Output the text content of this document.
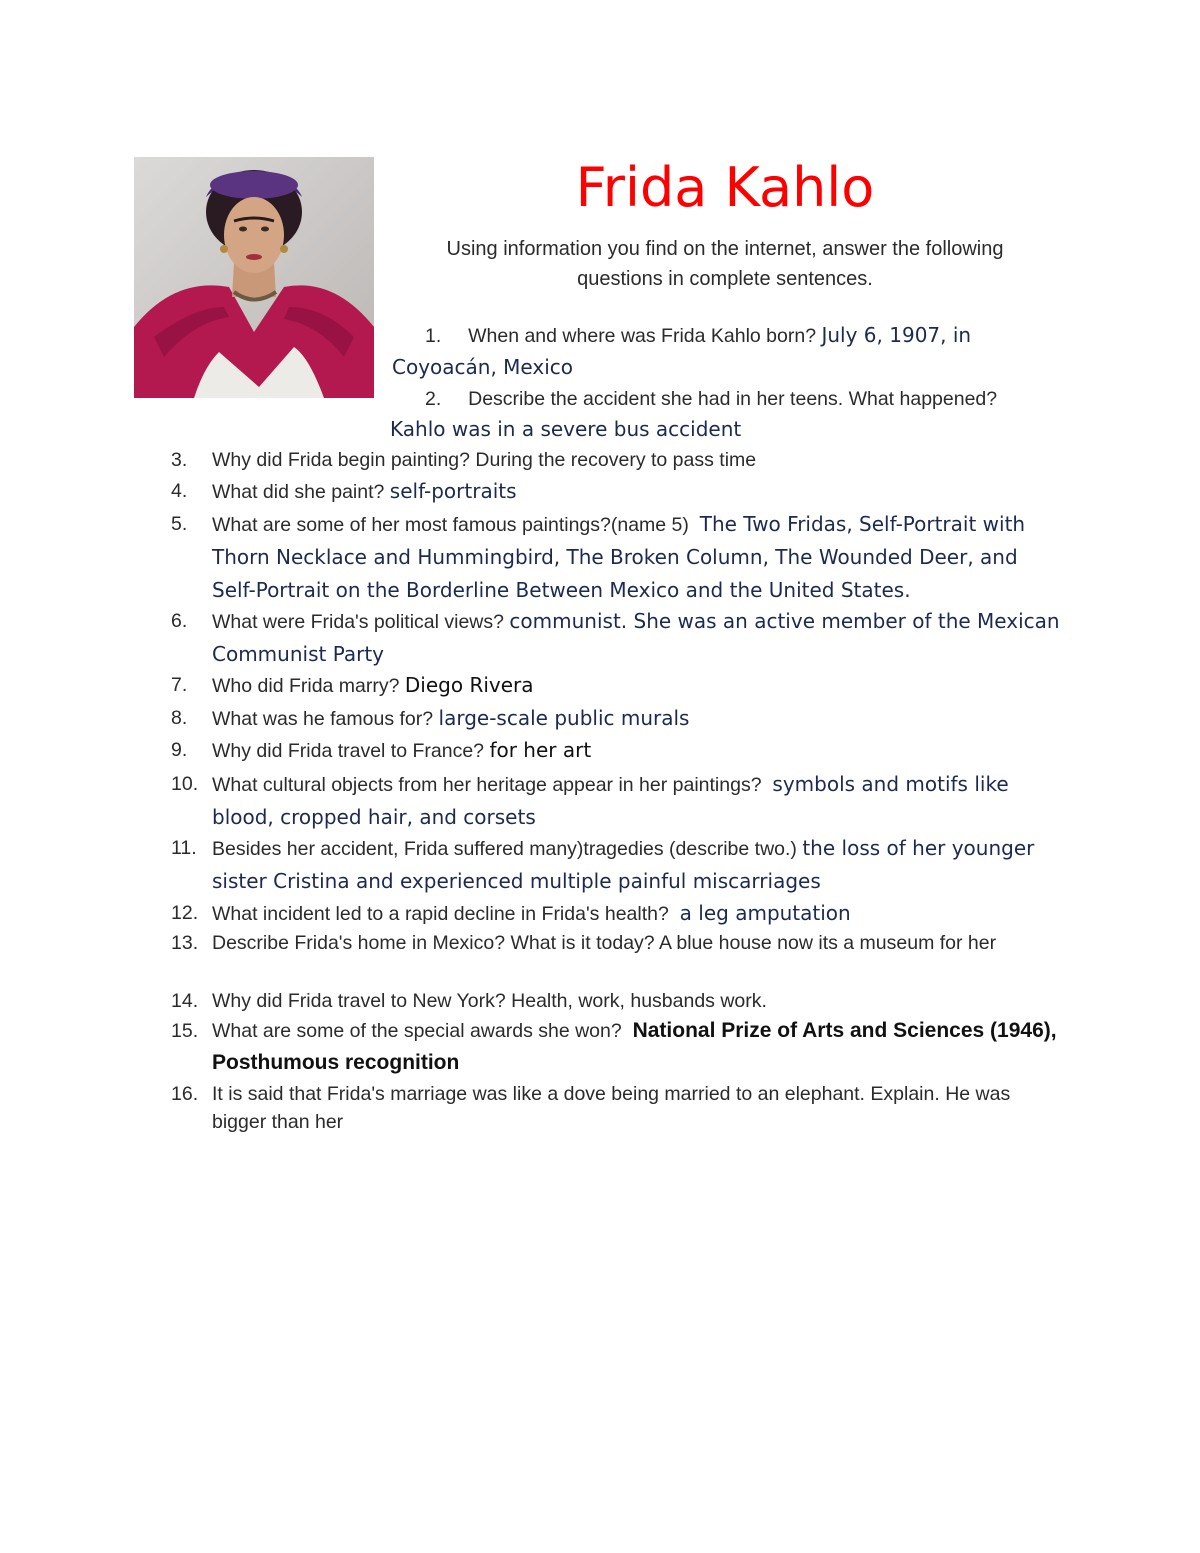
Frida Kahlo
Using information you find on the internet, answer the following questions in complete sentences.
1. When and where was Frida Kahlo born? July 6, 1907, in
Coyoacán, Mexico
2. Describe the accident she had in her teens. What happened?
Kahlo was in a severe bus accident
3. Why did Frida begin painting? During the recovery to pass time
4. What did she paint? self-portraits
5. What are some of her most famous paintings?(name 5) The Two Fridas, Self-Portrait with Thorn Necklace and Hummingbird, The Broken Column, The Wounded Deer, and Self-Portrait on the Borderline Between Mexico and the United States.
6. What were Frida's political views? communist. She was an active member of the Mexican Communist Party
7. Who did Frida marry? Diego Rivera
8. What was he famous for? large-scale public murals
9. Why did Frida travel to France? for her art
10. What cultural objects from her heritage appear in her paintings? symbols and motifs like blood, cropped hair, and corsets
11. Besides her accident, Frida suffered many)tragedies (describe two.) the loss of her younger sister Cristina and experienced multiple painful miscarriages
12. What incident led to a rapid decline in Frida's health? a leg amputation
13. Describe Frida's home in Mexico? What is it today? A blue house now its a museum for her
14. Why did Frida travel to New York? Health, work, husbands work.
15. What are some of the special awards she won? National Prize of Arts and Sciences (1946), Posthumous recognition
16. It is said that Frida's marriage was like a dove being married to an elephant. Explain. He was bigger than her
